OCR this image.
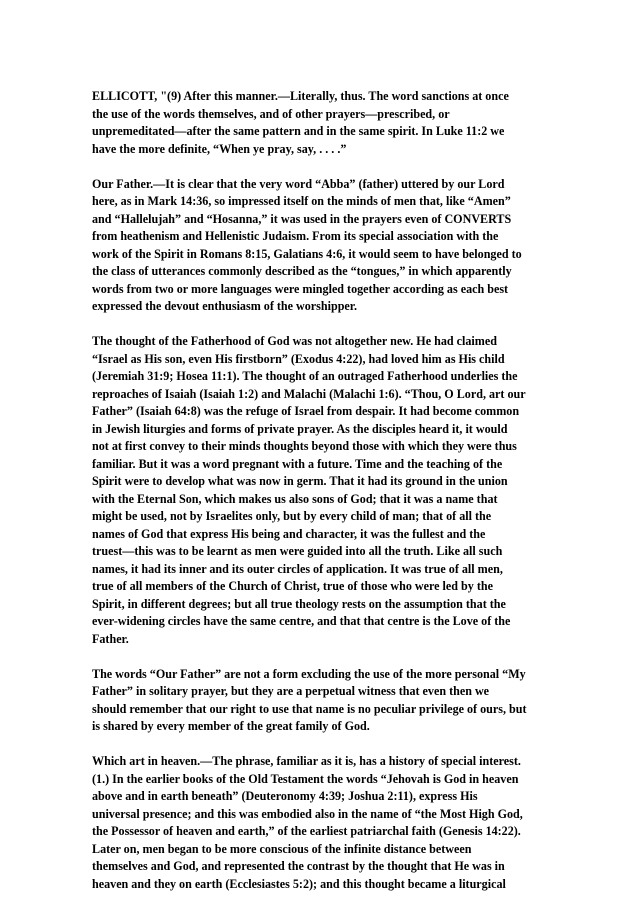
ELLICOTT, "(9) After this manner.—Literally, thus. The word sanctions at once
the use of the words themselves, and of other prayers—prescribed, or
unpremeditated—after the same pattern and in the same spirit. In Luke 11:2 we
have the more definite, “When ye pray, say, . . . .”
Our Father.—It is clear that the very word “Abba” (father) uttered by our Lord
here, as in Mark 14:36, so impressed itself on the minds of men that, like “Amen”
and “Hallelujah” and “Hosanna,” it was used in the prayers even of CONVERTS
from heathenism and Hellenistic Judaism. From its special association with the
work of the Spirit in Romans 8:15, Galatians 4:6, it would seem to have belonged to
the class of utterances commonly described as the “tongues,” in which apparently
words from two or more languages were mingled together according as each best
expressed the devout enthusiasm of the worshipper.
The thought of the Fatherhood of God was not altogether new. He had claimed
“Israel as His son, even His firstborn” (Exodus 4:22), had loved him as His child
(Jeremiah 31:9; Hosea 11:1). The thought of an outraged Fatherhood underlies the
reproaches of Isaiah (Isaiah 1:2) and Malachi (Malachi 1:6). “Thou, O Lord, art our
Father” (Isaiah 64:8) was the refuge of Israel from despair. It had become common
in Jewish liturgies and forms of private prayer. As the disciples heard it, it would
not at first convey to their minds thoughts beyond those with which they were thus
familiar. But it was a word pregnant with a future. Time and the teaching of the
Spirit were to develop what was now in germ. That it had its ground in the union
with the Eternal Son, which makes us also sons of God; that it was a name that
might be used, not by Israelites only, but by every child of man; that of all the
names of God that express His being and character, it was the fullest and the
truest—this was to be learnt as men were guided into all the truth. Like all such
names, it had its inner and its outer circles of application. It was true of all men,
true of all members of the Church of Christ, true of those who were led by the
Spirit, in different degrees; but all true theology rests on the assumption that the
ever-widening circles have the same centre, and that that centre is the Love of the
Father.
The words “Our Father” are not a form excluding the use of the more personal “My
Father” in solitary prayer, but they are a perpetual witness that even then we
should remember that our right to use that name is no peculiar privilege of ours, but
is shared by every member of the great family of God.
Which art in heaven.—The phrase, familiar as it is, has a history of special interest.
(1.) In the earlier books of the Old Testament the words “Jehovah is God in heaven
above and in earth beneath” (Deuteronomy 4:39; Joshua 2:11), express His
universal presence; and this was embodied also in the name of “the Most High God,
the Possessor of heaven and earth,” of the earliest patriarchal faith (Genesis 14:22).
Later on, men began to be more conscious of the infinite distance between
themselves and God, and represented the contrast by the thought that He was in
heaven and they on earth (Ecclesiastes 5:2); and this thought became a liturgical
